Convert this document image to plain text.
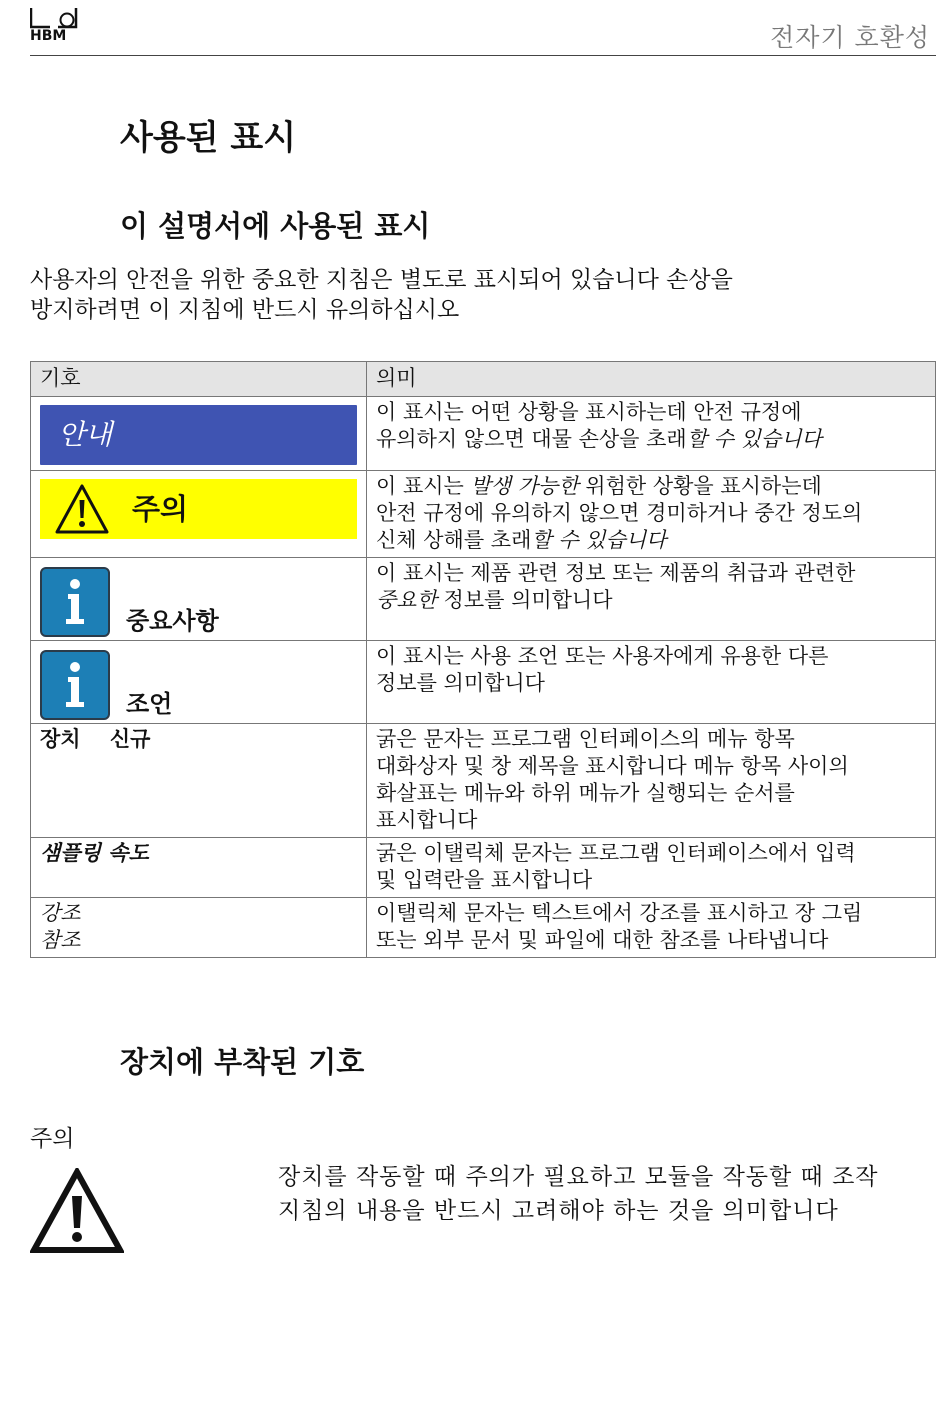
HBM	전자기 호환성
사용된 표시
이 설명서에 사용된 표시
사용자의 안전을 위한 중요한 지침은 별도로 표시되어 있습니다 손상을
방지하려면 이 지침에 반드시 유의하십시오
기호	의미

안내	이 표시는 어떤 상황을 표시하는데 안전 규정에
유의하지 않으면 대물 손상을 초래할 수 있습니다

주의	이 표시는 발생 가능한 위험한 상황을 표시하는데
안전 규정에 유의하지 않으면 경미하거나 중간 정도의
신체 상해를 초래할 수 있습니다

중요사항	이 표시는 제품 관련 정보 또는 제품의 취급과 관련한
중요한 정보를 의미합니다

조언	이 표시는 사용 조언 또는 사용자에게 유용한 다른
정보를 의미합니다

장치    신규	굵은 문자는 프로그램 인터페이스의 메뉴 항목
대화상자 및 창 제목을 표시합니다 메뉴 항목 사이의
화살표는 메뉴와 하위 메뉴가 실행되는 순서를
표시합니다

샘플링 속도	굵은 이탤릭체 문자는 프로그램 인터페이스에서 입력
및 입력란을 표시합니다

강조
참조	이탤릭체 문자는 텍스트에서 강조를 표시하고 장 그림
또는 외부 문서 및 파일에 대한 참조를 나타냅니다
장치에 부착된 기호
주의
장치를 작동할 때 주의가 필요하고 모듈을 작동할 때 조작
지침의 내용을 반드시 고려해야 하는 것을 의미합니다
